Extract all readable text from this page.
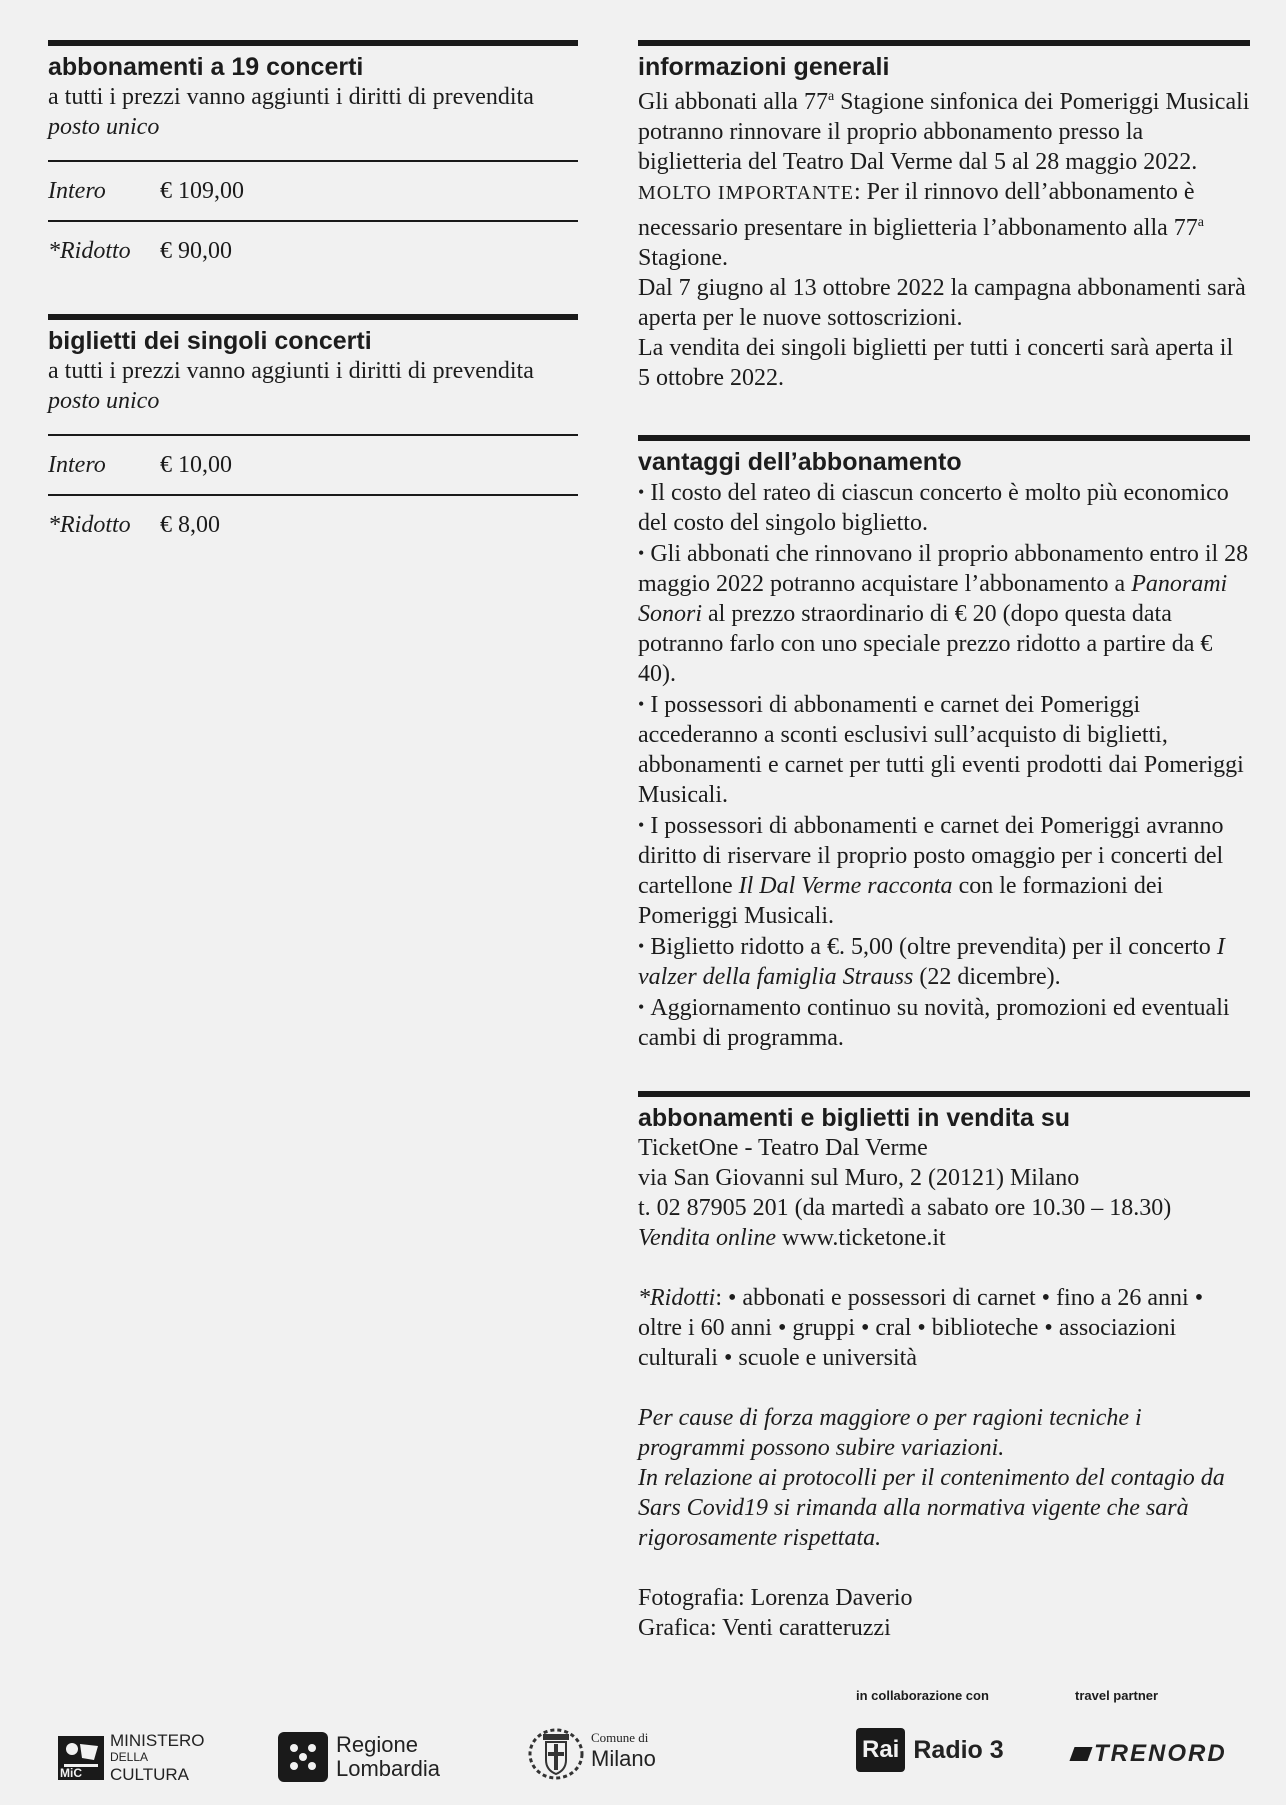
abbonamenti a 19 concerti
a tutti i prezzi vanno aggiunti i diritti di prevendita
posto unico
Intero	€ 109,00
*Ridotto	€ 90,00
biglietti dei singoli concerti
a tutti i prezzi vanno aggiunti i diritti di prevendita
posto unico
Intero	€ 10,00
*Ridotto	€ 8,00
informazioni generali

Gli abbonati alla 77$^a$ Stagione sinfonica dei Pomeriggi Musicali potranno rinnovare il proprio abbonamento presso la biglietteria del Teatro Dal Verme dal 5 al 28 maggio 2022. MOLTO IMPORTANTE: Per il rinnovo dell’abbonamento è necessario presentare in biglietteria l’abbonamento alla 77$^a$ Stagione.

Dal 7 giugno al 13 ottobre 2022 la campagna abbonamenti sarà aperta per le nuove sottoscrizioni.

La vendita dei singoli biglietti per tutti i concerti sarà aperta il 5 ottobre 2022.

vantaggi dell’abbonamento

• Il costo del rateo di ciascun concerto è molto più economico del costo del singolo biglietto.

• Gli abbonati che rinnovano il proprio abbonamento entro il 28 maggio 2022 potranno acquistare l’abbonamento a Panorami Sonori al prezzo straordinario di € 20 (dopo questa data potranno farlo con uno speciale prezzo ridotto a partire da € 40).

• I possessori di abbonamenti e carnet dei Pomeriggi accederanno a sconti esclusivi sull’acquisto di biglietti, abbonamenti e carnet per tutti gli eventi prodotti dai Pomeriggi Musicali.

• I possessori di abbonamenti e carnet dei Pomeriggi avranno diritto di riservare il proprio posto omaggio per i concerti del cartellone Il Dal Verme racconta con le formazioni dei Pomeriggi Musicali.

• Biglietto ridotto a €. 5,00 (oltre prevendita) per il concerto I valzer della famiglia Strauss (22 dicembre).

• Aggiornamento continuo su novità, promozioni ed eventuali cambi di programma.

abbonamenti e biglietti in vendita su

TicketOne - Teatro Dal Verme

via San Giovanni sul Muro, 2 (20121) Milano

t. 02 87905 201 (da martedì a sabato ore 10.30 – 18.30)

Vendita online www.ticketone.it

*Ridotti: • abbonati e possessori di carnet • fino a 26 anni • oltre i 60 anni • gruppi • cral • biblioteche • associazioni culturali • scuole e università

Per cause di forza maggiore o per ragioni tecniche i programmi possono subire variazioni.

In relazione ai protocolli per il contenimento del contagio da Sars Covid19 si rimanda alla normativa vigente che sarà rigorosamente rispettata.

Fotografia: Lorenza Daverio

Grafica: Venti caratteruzzi

in collaborazione con	travel partner
MiC
MINISTERO
DELLA
CULTURA
Regione
Lombardia
Comune di
Milano	Rai Radio 3	TRENORD
